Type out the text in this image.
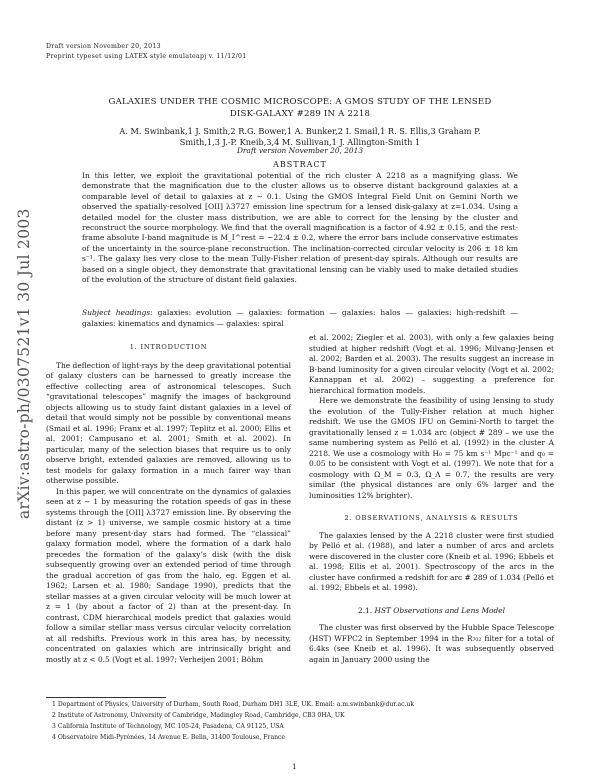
Draft version November 20, 2013
Preprint typeset using LATEX style emulateapj v. 11/12/01
arXiv:astro-ph/0307521v1 30 Jul 2003
GALAXIES UNDER THE COSMIC MICROSCOPE: A GMOS STUDY OF THE LENSED DISK-GALAXY #289 IN A 2218
A. M. Swinbank,1 J. Smith,2 R.G. Bower,1 A. Bunker,2 I. Smail,1 R. S. Ellis,3 Graham P. Smith,1,3 J.-P. Kneib,3,4 M. Sullivan,1 J. Allington-Smith 1
Draft version November 20, 2013
ABSTRACT
In this letter, we exploit the gravitational potential of the rich cluster A 2218 as a magnifying glass. We demonstrate that the magnification due to the cluster allows us to observe distant background galaxies at a comparable level of detail to galaxies at z ∼ 0.1. Using the GMOS Integral Field Unit on Gemini North we observed the spatially-resolved [OII] λ3727 emission line spectrum for a lensed disk-galaxy at z=1.034. Using a detailed model for the cluster mass distribution, we are able to correct for the lensing by the cluster and reconstruct the source morphology. We find that the overall magnification is a factor of 4.92 ± 0.15, and the rest-frame absolute I-band magnitude is M_I^rest = −22.4 ± 0.2, where the error bars include conservative estimates of the uncertainty in the source-plane reconstruction. The inclination-corrected circular velocity is 206 ± 18 km s⁻¹. The galaxy lies very close to the mean Tully-Fisher relation of present-day spirals. Although our results are based on a single object, they demonstrate that gravitational lensing can be viably used to make detailed studies of the evolution of the structure of distant field galaxies.
Subject headings: galaxies: evolution — galaxies: formation — galaxies: halos — galaxies: high-redshift — galaxies: kinematics and dynamics — galaxies: spiral
1. INTRODUCTION

The deflection of light-rays by the deep gravitational potential of galaxy clusters can be harnessed to greatly increase the effective collecting area of astronomical telescopes. Such “gravitational telescopes” magnify the images of background objects allowing us to study faint distant galaxies in a level of detail that would simply not be possible by conventional means (Smail et al. 1996; Franx et al. 1997; Teplitz et al. 2000; Ellis et al. 2001; Campusano et al. 2001; Smith et al. 2002). In particular, many of the selection biases that require us to only observe bright, extended galaxies are removed, allowing us to test models for galaxy formation in a much fairer way than otherwise possible.

In this paper, we will concentrate on the dynamics of galaxies seen at z ∼ 1 by measuring the rotation speeds of gas in these systems through the [OII] λ3727 emission line. By observing the distant (z > 1) universe, we sample cosmic history at a time before many present-day stars had formed. The “classical” galaxy formation model, where the formation of a dark halo precedes the formation of the galaxy’s disk (with the disk subsequently growing over an extended period of time through the gradual accretion of gas from the halo, eg. Eggen et al. 1962; Larsen et al. 1980; Sandage 1990), predicts that the stellar masses at a given circular velocity will be much lower at z = 1 (by about a factor of 2) than at the present-day. In contrast, CDM hierarchical models predict that galaxies would follow a similar stellar mass versus circular velocity correlation at all redshifts. Previous work in this area has, by necessity, concentrated on galaxies which are intrinsically bright and mostly at z < 0.5 (Vogt et al. 1997; Verheijen 2001; Böhm

et al. 2002; Ziegler et al. 2003), with only a few galaxies being studied at higher redshift (Vogt et al. 1996; Milvang-Jensen et al. 2002; Barden et al. 2003). The results suggest an increase in B-band luminosity for a given circular velocity (Vogt et al. 2002; Kannappan et al. 2002) – suggesting a preference for hierarchical formation models.

Here we demonstrate the feasibility of using lensing to study the evolution of the Tully-Fisher relation at much higher redshift. We use the GMOS IFU on Gemini-North to target the gravitationally lensed z = 1.034 arc (object # 289 – we use the same numbering system as Pelló et al. (1992) in the cluster A 2218. We use a cosmology with H₀ = 75 km s⁻¹ Mpc⁻¹ and q₀ = 0.05 to be consistent with Vogt et al. (1997). We note that for a cosmology with Ω_M = 0.3, Ω_Λ = 0.7, the results are very similar (the physical distances are only 6% larger and the luminosities 12% brighter).

2. OBSERVATIONS, ANALYSIS & RESULTS

The galaxies lensed by the A 2218 cluster were first studied by Pelló et al. (1988), and later a number of arcs and arclets were discovered in the cluster core (Kneib et al. 1996; Ebbels et al. 1998; Ellis et al. 2001). Spectroscopy of the arcs in the cluster have confirmed a redshift for arc # 289 of 1.034 (Pelló et al. 1992; Ebbels et al. 1998).

2.1. HST Observations and Lens Model

The cluster was first observed by the Hubble Space Telescope (HST) WFPC2 in September 1994 in the R₇₀₂ filter for a total of 6.4ks (see Kneib et al. 1996). It was subsequently observed again in January 2000 using the

1 Department of Physics, University of Durham, South Road, Durham DH1 3LE, UK. Email: a.m.swinbank@dur.ac.uk
2 Institute of Astronomy, University of Cambridge, Madingley Road, Cambridge, CB3 0HA, UK
3 California Institute of Technology, MC 105-24, Pasadena, CA 91125, USA
4 Observatoire Midi-Pyrénées, 14 Avenue E. Belin, 31400 Toulouse, France
1
